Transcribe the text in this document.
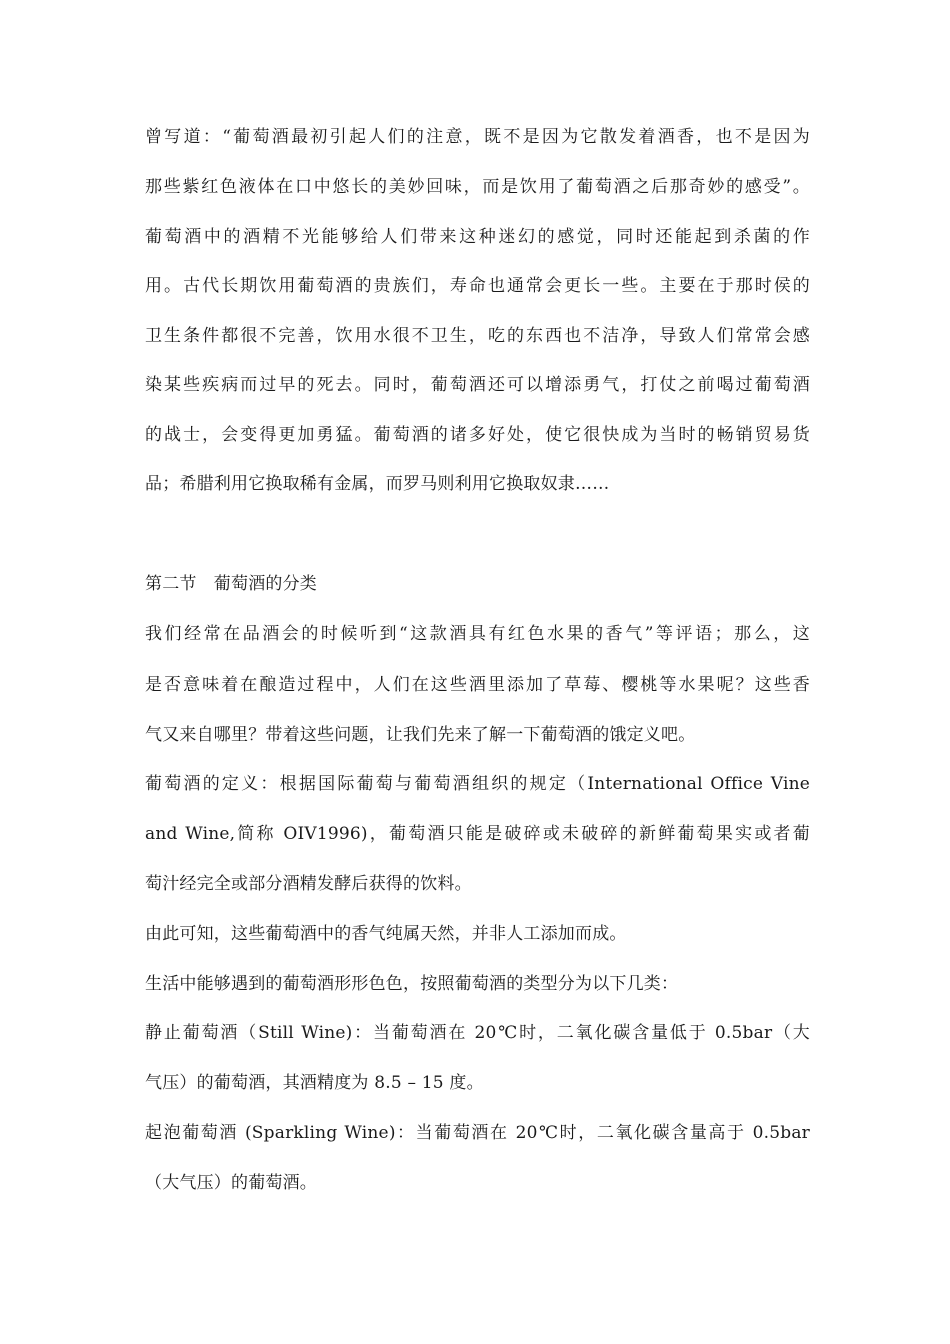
曾写道：“葡萄酒最初引起人们的注意，既不是因为它散发着酒香，也不是因为
那些紫红色液体在口中悠长的美妙回味，而是饮用了葡萄酒之后那奇妙的感受”。
葡萄酒中的酒精不光能够给人们带来这种迷幻的感觉，同时还能起到杀菌的作
用。古代长期饮用葡萄酒的贵族们，寿命也通常会更长一些。主要在于那时侯的
卫生条件都很不完善，饮用水很不卫生，吃的东西也不洁净，导致人们常常会感
染某些疾病而过早的死去。同时，葡萄酒还可以增添勇气，打仗之前喝过葡萄酒
的战士，会变得更加勇猛。葡萄酒的诸多好处，使它很快成为当时的畅销贸易货
品；希腊利用它换取稀有金属，而罗马则利用它换取奴隶……
第二节　葡萄酒的分类
我们经常在品酒会的时候听到“这款酒具有红色水果的香气”等评语；那么，这
是否意味着在酿造过程中，人们在这些酒里添加了草莓、樱桃等水果呢？这些香
气又来自哪里？带着这些问题，让我们先来了解一下葡萄酒的饿定义吧。
葡萄酒的定义：根据国际葡萄与葡萄酒组织的规定（International Office Vine
and Wine,简称 OIV1996)，葡萄酒只能是破碎或未破碎的新鲜葡萄果实或者葡
萄汁经完全或部分酒精发酵后获得的饮料。
由此可知，这些葡萄酒中的香气纯属天然，并非人工添加而成。
生活中能够遇到的葡萄酒形形色色，按照葡萄酒的类型分为以下几类：
静止葡萄酒（Still Wine)：当葡萄酒在 20℃时，二氧化碳含量低于 0.5bar（大
气压）的葡萄酒，其酒精度为 8.5 – 15 度。
起泡葡萄酒 (Sparkling Wine)：当葡萄酒在 20℃时，二氧化碳含量高于 0.5bar
（大气压）的葡萄酒。
